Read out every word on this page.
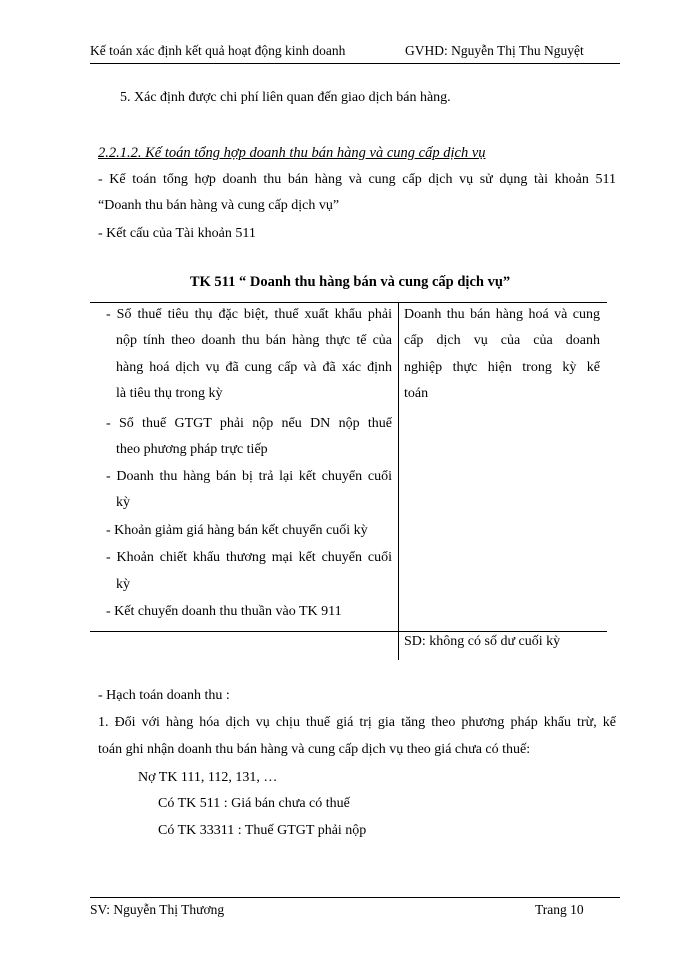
Kế toán xác định kết quả hoạt động kinh doanh	GVHD: Nguyễn Thị Thu Nguyệt
5. Xác định được chi phí liên quan đến giao dịch bán hàng.
2.2.1.2. Kế toán tổng hợp doanh thu bán hàng và cung cấp dịch vụ
- Kế toán tổng hợp doanh thu bán hàng và cung cấp dịch vụ sử dụng tài khoản 511
“Doanh thu bán hàng và cung cấp dịch vụ”
- Kết cấu của Tài khoản 511
TK 511 “ Doanh thu hàng bán và cung cấp dịch vụ”
- Số thuế tiêu thụ đặc biệt, thuế xuất khẩu phải
nộp tính theo doanh thu bán hàng thực tế của
hàng hoá dịch vụ đã cung cấp và đã xác định
là tiêu thụ trong kỳ
- Số thuế GTGT phải nộp nếu DN nộp thuế
theo phương pháp trực tiếp
- Doanh thu hàng bán bị trả lại kết chuyển cuối
kỳ
- Khoản giảm giá hàng bán kết chuyển cuối kỳ
- Khoản chiết khấu thương mại kết chuyển cuối
kỳ
- Kết chuyển doanh thu thuần vào TK 911
Doanh thu bán hàng hoá và cung
cấp dịch vụ của của doanh
nghiệp thực hiện trong kỳ kế
toán
SD: không có số dư cuối kỳ
- Hạch toán doanh thu :
1. Đối với hàng hóa dịch vụ chịu thuế giá trị gia tăng theo phương pháp khấu trừ, kế
toán ghi nhận doanh thu bán hàng và cung cấp dịch vụ theo giá chưa có thuế:
Nợ TK 111, 112, 131, …
Có TK 511 : Giá bán chưa có thuế
Có TK 33311 : Thuế GTGT phải nộp
SV: Nguyễn Thị Thương	Trang 10
